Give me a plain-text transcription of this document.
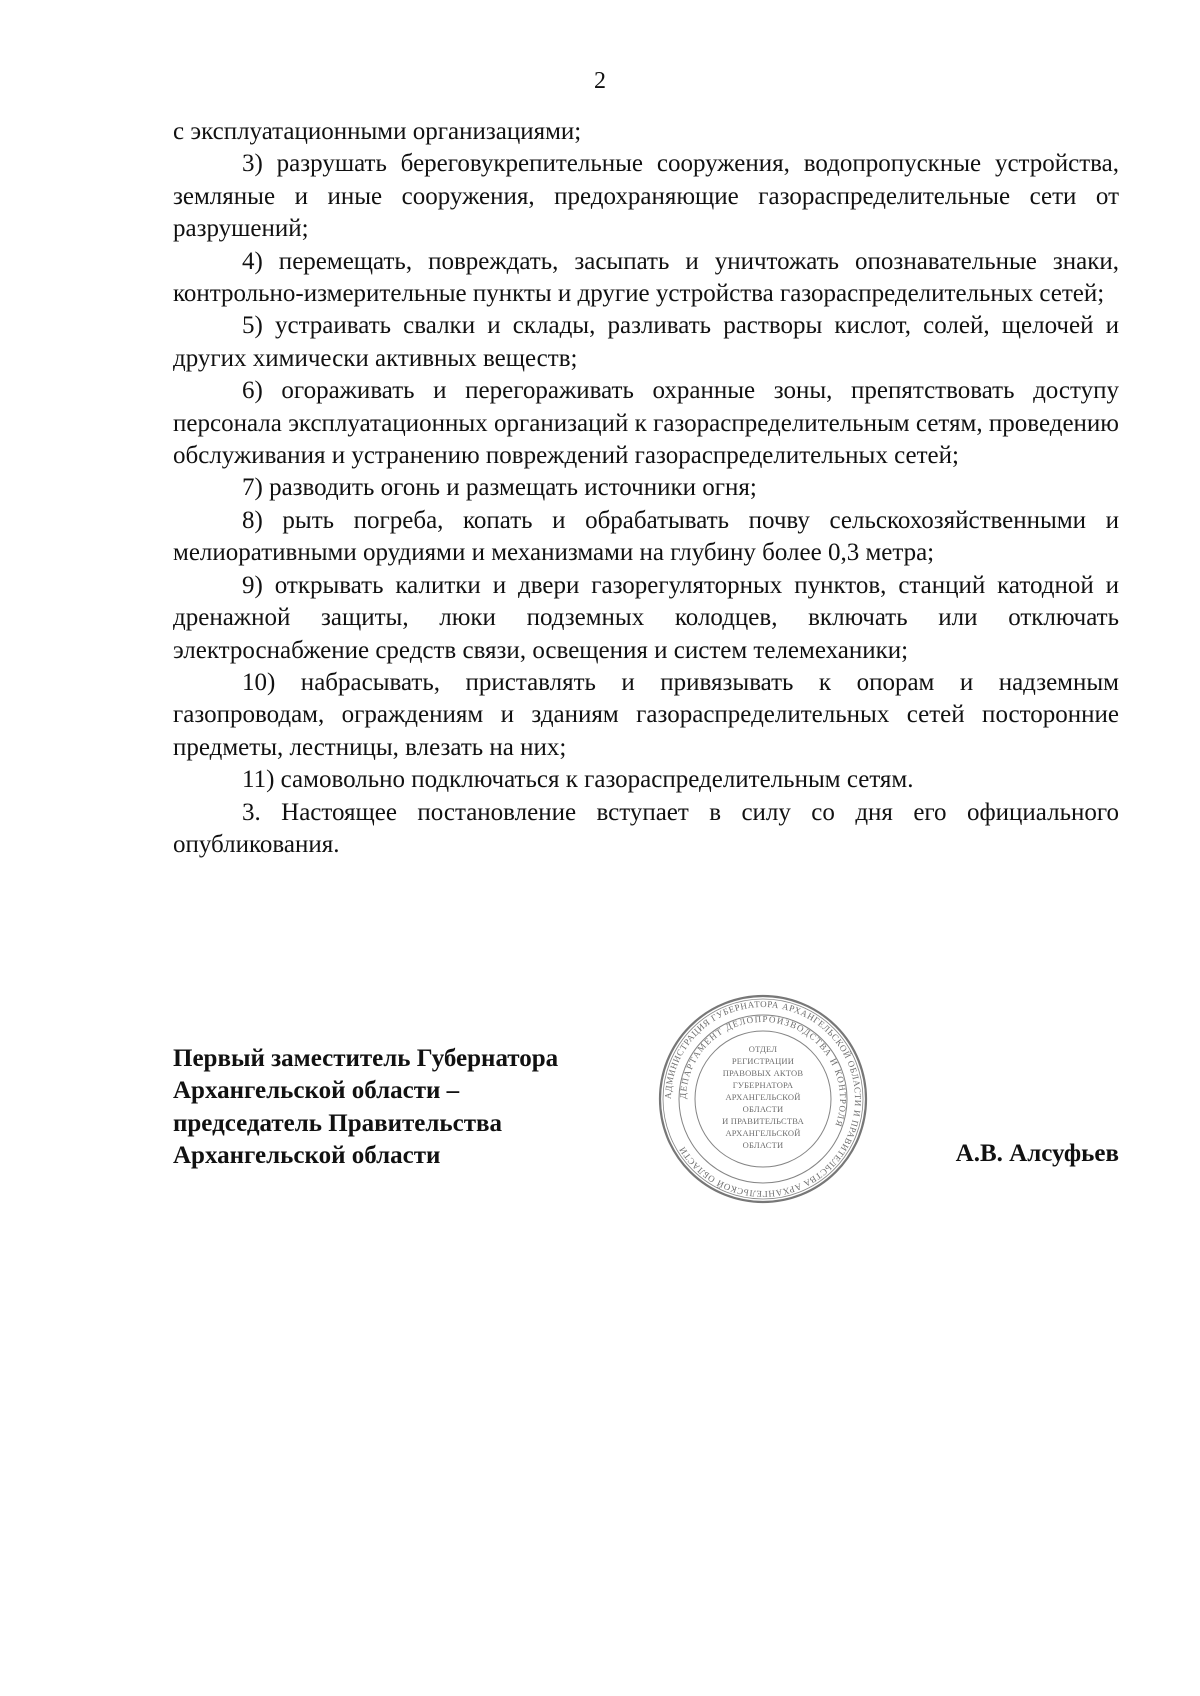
2

с эксплуатационными организациями;

3) разрушать береговукрепительные сооружения, водопропускные устройства, земляные и иные сооружения, предохраняющие газораспределительные сети от разрушений;

4) перемещать, повреждать, засыпать и уничтожать опознавательные знаки, контрольно-измерительные пункты и другие устройства газораспределительных сетей;

5) устраивать свалки и склады, разливать растворы кислот, солей, щелочей и других химически активных веществ;

6) огораживать и перегораживать охранные зоны, препятствовать доступу персонала эксплуатационных организаций к газораспределительным сетям, проведению обслуживания и устранению повреждений газораспределительных сетей;

7) разводить огонь и размещать источники огня;

8) рыть погреба, копать и обрабатывать почву сельскохозяйственными и мелиоративными орудиями и механизмами на глубину более 0,3 метра;

9) открывать калитки и двери газорегуляторных пунктов, станций катодной и дренажной защиты, люки подземных колодцев, включать или отключать электроснабжение средств связи, освещения и систем телемеханики;

10) набрасывать, приставлять и привязывать к опорам и надземным газопроводам, ограждениям и зданиям газораспределительных сетей посторонние предметы, лестницы, влезать на них;

11) самовольно подключаться к газораспределительным сетям.

3. Настоящее постановление вступает в силу со дня его официального опубликования.

Первый заместитель Губернатора
Архангельской области –
председатель Правительства
Архангельской области
АДМИНИСТРАЦИЯ ГУБЕРНАТОРА АРХАНГЕЛЬСКОЙ ОБЛАСТИ И ПРАВИТЕЛЬСТВА АРХАНГЕЛЬСКОЙ ОБЛАСТИ
ДЕПАРТАМЕНТ ДЕЛОПРОИЗВОДСТВА И КОНТРОЛЯ
ОТДЕЛ
РЕГИСТРАЦИИ
ПРАВОВЫХ АКТОВ
ГУБЕРНАТОРА
АРХАНГЕЛЬСКОЙ
ОБЛАСТИ
И ПРАВИТЕЛЬСТВА
АРХАНГЕЛЬСКОЙ
ОБЛАСТИ	А.В. Алсуфьев
